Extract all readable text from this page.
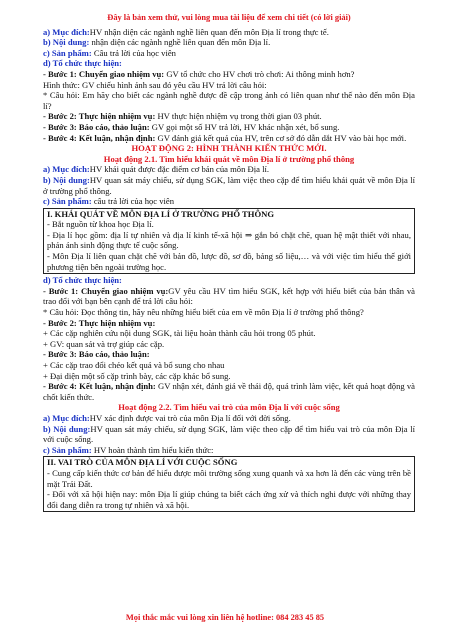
Đây là bản xem thử, vui lòng mua tài liệu để xem chi tiết (có lời giải)

a) Mục đích:HV nhận diện các ngành nghề liên quan đến môn Địa lí trong thực tế.

b) Nội dung: nhận diện các ngành nghề liên quan đến môn Địa lí.

c) Sản phẩm: Câu trả lời của học viên

d) Tổ chức thực hiện:

- Bước 1: Chuyển giao nhiệm vụ: GV tổ chức cho HV chơi trò chơi: Ai thông minh hơn?

Hình thức: GV chiếu hình ảnh sau đó yêu cầu HV trả lời câu hỏi:

* Câu hỏi: Em hãy cho biết các ngành nghề được đề cập trong ảnh có liên quan như thế nào đến môn Địa lí?

- Bước 2: Thực hiện nhiệm vụ: HV thực hiện nhiệm vụ trong thời gian 03 phút.

- Bước 3: Báo cáo, thảo luận: GV gọi một số HV trả lời, HV khác nhận xét, bổ sung.

- Bước 4: Kết luận, nhận định: GV đánh giá kết quả của HV, trên cơ sở đó dẫn dắt HV vào bài học mới.

HOẠT ĐỘNG 2: HÌNH THÀNH KIẾN THỨC MỚI.

Hoạt động 2.1. Tìm hiểu khái quát về môn Địa lí ở trường phổ thông

a) Mục đích:HV khái quát được đặc điểm cơ bản của môn Địa lí.

b) Nội dung:HV quan sát máy chiếu, sử dụng SGK, làm việc theo cặp để tìm hiểu khái quát về môn Địa lí ở trường phổ thông.

c) Sản phẩm: câu trả lời của học viên

I. KHÁI QUÁT VỀ MÔN ĐỊA LÍ Ở TRƯỜNG PHỔ THÔNG

- Bắt nguồn từ khoa học Địa lí.

- Địa lí học gồm: địa lí tự nhiên và địa lí kinh tế-xã hội ⇒ gắn bó chặt chẽ, quan hệ mật thiết với nhau, phản ánh sinh động thực tế cuộc sống.

- Môn Địa lí liên quan chặt chẽ với bản đồ, lược đồ, sơ đồ, bảng số liệu,… và với việc tìm hiểu thế giới phương tiện bên ngoài trường học.

d) Tổ chức thực hiện:

- Bước 1: Chuyển giao nhiệm vụ:GV yêu cầu HV tìm hiểu SGK, kết hợp với hiểu biết của bản thân và trao đổi với bạn bên cạnh để trả lời câu hỏi:

* Câu hỏi: Đọc thông tin, hãy nêu những hiểu biết của em về môn Địa lí ở trường phổ thông?

- Bước 2: Thực hiện nhiệm vụ:

+ Các cặp nghiên cứu nội dung SGK, tài liệu hoàn thành câu hỏi trong 05 phút.

+ GV: quan sát và trợ giúp các cặp.

- Bước 3: Báo cáo, thảo luận:

+ Các cặp trao đổi chéo kết quả và bổ sung cho nhau

+ Đại diện một số cặp trình bày, các cặp khác bổ sung.

- Bước 4: Kết luận, nhận định: GV nhận xét, đánh giá về thái độ, quá trình làm việc, kết quả hoạt động và chốt kiến thức.

Hoạt động 2.2. Tìm hiểu vai trò của môn Địa lí với cuộc sống

a) Mục đích:HV xác định được vai trò của môn Địa lí đối với đời sống.

b) Nội dung:HV quan sát máy chiếu, sử dụng SGK, làm việc theo cặp để tìm hiểu vai trò của môn Địa lí với cuộc sống.

c) Sản phẩm: HV hoàn thành tìm hiểu kiến thức:

II. VAI TRÒ CỦA MÔN ĐỊA LÍ VỚI CUỘC SỐNG

- Cung cấp kiến thức cơ bản để hiểu được môi trường sống xung quanh và xa hơn là đến các vùng trên bề mặt Trái Đất.

- Đối với xã hội hiện nay: môn Địa lí giúp chúng ta biết cách ứng xử và thích nghi được với những thay đổi đang diễn ra trong tự nhiên và xã hội.

Mọi thắc mắc vui lòng xin liên hệ hotline: 084 283 45 85
